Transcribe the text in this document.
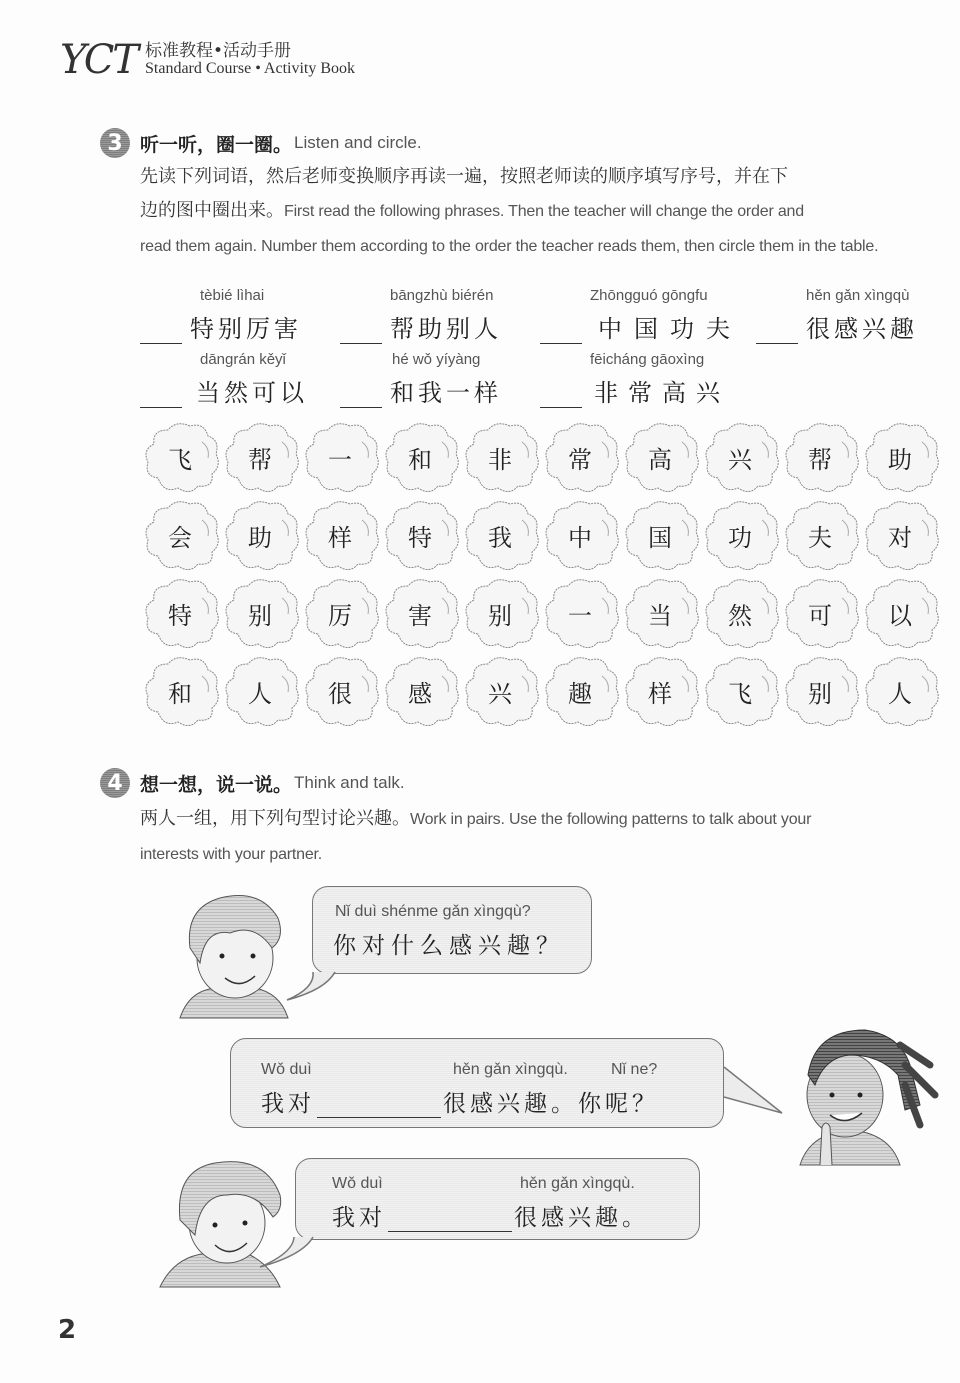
YCT 标准教程•活动手册
Standard Course • Activity Book
3 听一听，圈一圈。 Listen and circle.
先读下列词语，然后老师变换顺序再读一遍，按照老师读的顺序填写序号，并在下
边的图中圈出来。First read the following phrases. Then the teacher will change the order and
read them again. Number them according to the order the teacher reads them, then circle them in the table.
tèbié lìhai
特别厉害
bāngzhù biérén
帮助别人
Zhōngguó gōngfu
中国功夫
hěn gǎn xìngqù
很感兴趣
dāngrán kěyǐ
当然可以
hé wǒ yíyàng
和我一样
fēicháng gāoxìng
非常高兴
飞 帮 一 和 非 常 高 兴 帮 助
会 助 样 特 我 中 国 功 夫 对
特 别 厉 害 别 一 当 然 可 以
和 人 很 感 兴 趣 样 飞 别 人
4 想一想，说一说。 Think and talk.
两人一组，用下列句型讨论兴趣。Work in pairs. Use the following patterns to talk about your
interests with your partner.
Nǐ duì shénme gǎn xìngqù?
你对什么感兴趣？
Wǒ duì	hěn gǎn xìngqù.	Nǐ ne?
我对	很感兴趣。你呢？
Wǒ duì	hěn gǎn xìngqù.
我对	很感兴趣。
2
